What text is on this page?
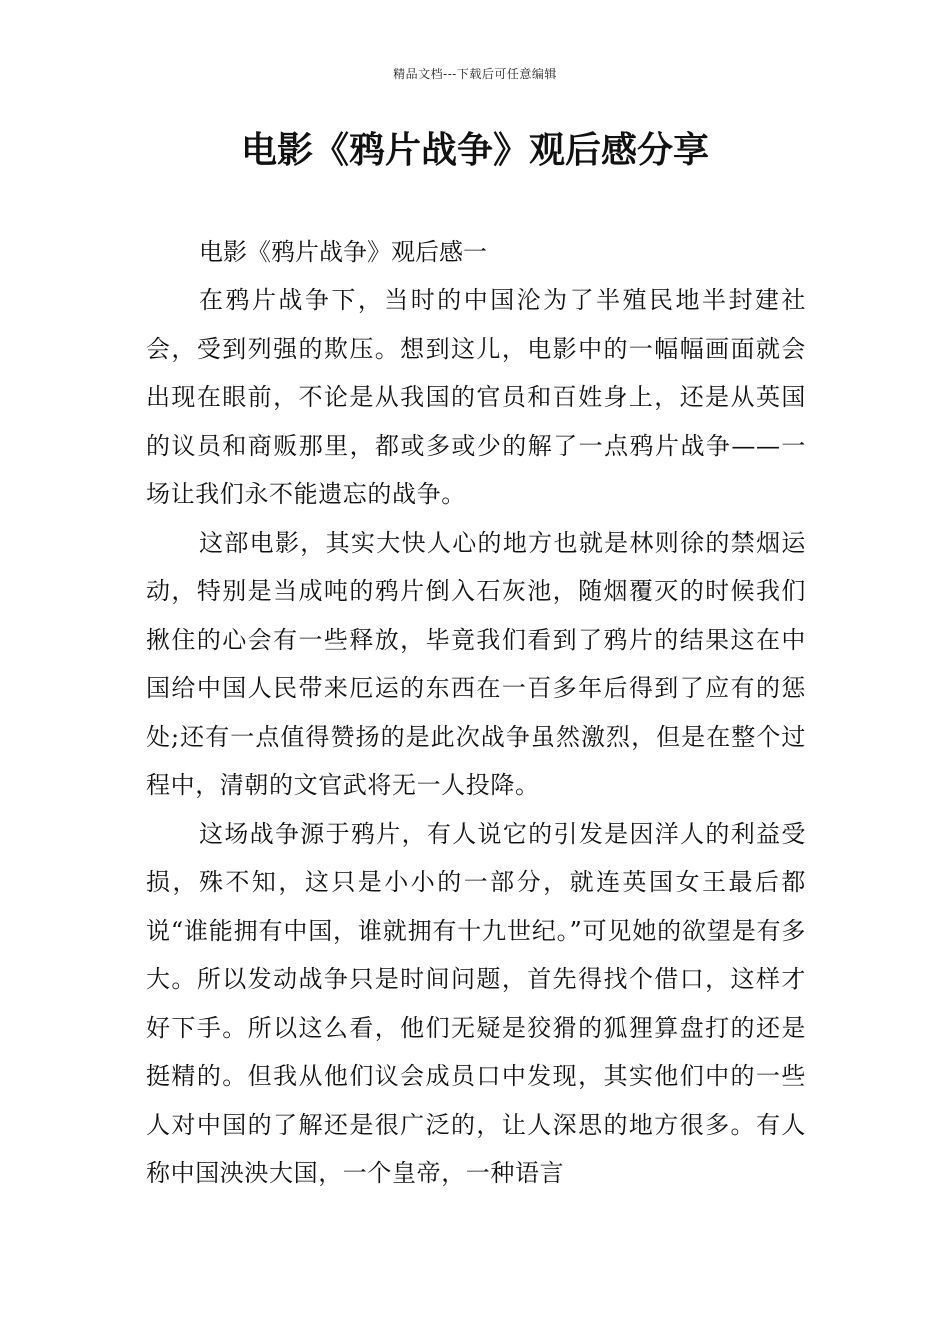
精品文档---下载后可任意编辑
电影《鸦片战争》观后感分享

电影《鸦片战争》观后感一

在鸦片战争下，当时的中国沦为了半殖民地半封建社会，受到列强的欺压。想到这儿，电影中的一幅幅画面就会出现在眼前，不论是从我国的官员和百姓身上，还是从英国的议员和商贩那里，都或多或少的解了一点鸦片战争——一场让我们永不能遗忘的战争。

这部电影，其实大快人心的地方也就是林则徐的禁烟运动，特别是当成吨的鸦片倒入石灰池，随烟覆灭的时候我们揪住的心会有一些释放，毕竟我们看到了鸦片的结果这在中国给中国人民带来厄运的东西在一百多年后得到了应有的惩处;还有一点值得赞扬的是此次战争虽然激烈，但是在整个过程中，清朝的文官武将无一人投降。

这场战争源于鸦片，有人说它的引发是因洋人的利益受损，殊不知，这只是小小的一部分，就连英国女王最后都说“谁能拥有中国，谁就拥有十九世纪。”可见她的欲望是有多大。所以发动战争只是时间问题，首先得找个借口，这样才好下手。所以这么看，他们无疑是狡猾的狐狸算盘打的还是挺精的。但我从他们议会成员口中发现，其实他们中的一些人对中国的了解还是很广泛的，让人深思的地方很多。有人称中国泱泱大国，一个皇帝，一种语言
